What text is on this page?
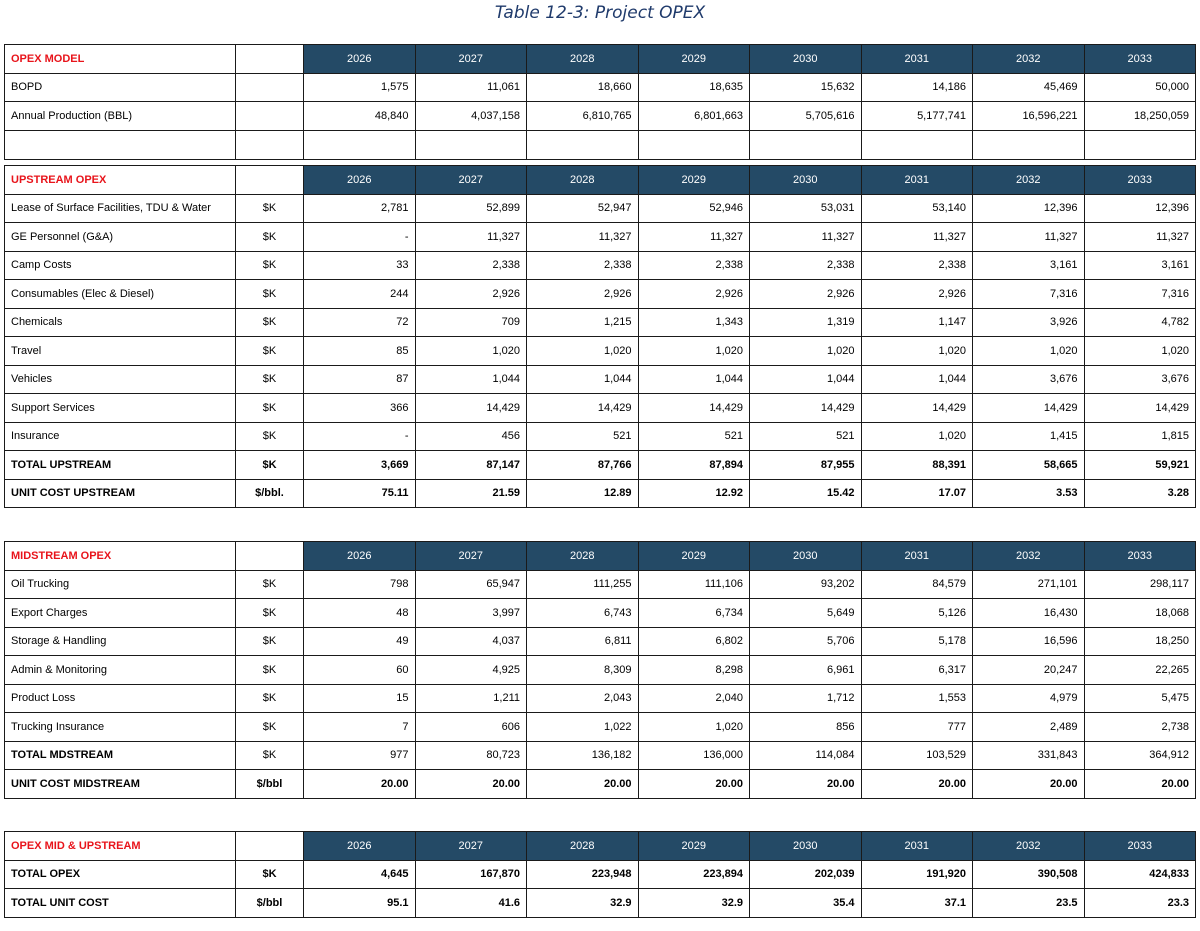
Table 12-3: Project OPEX
OPEX MODEL		2026	2027	2028	2029	2030	2031	2032	2033
BOPD		1,575	11,061	18,660	18,635	15,632	14,186	45,469	50,000
Annual Production (BBL)		48,840	4,037,158	6,810,765	6,801,663	5,705,616	5,177,741	16,596,221	18,250,059

UPSTREAM OPEX		2026	2027	2028	2029	2030	2031	2032	2033
Lease of Surface Facilities, TDU & Water	$K	2,781	52,899	52,947	52,946	53,031	53,140	12,396	12,396
GE Personnel (G&A)	$K	-	11,327	11,327	11,327	11,327	11,327	11,327	11,327
Camp Costs	$K	33	2,338	2,338	2,338	2,338	2,338	3,161	3,161
Consumables (Elec & Diesel)	$K	244	2,926	2,926	2,926	2,926	2,926	7,316	7,316
Chemicals	$K	72	709	1,215	1,343	1,319	1,147	3,926	4,782
Travel	$K	85	1,020	1,020	1,020	1,020	1,020	1,020	1,020
Vehicles	$K	87	1,044	1,044	1,044	1,044	1,044	3,676	3,676
Support Services	$K	366	14,429	14,429	14,429	14,429	14,429	14,429	14,429
Insurance	$K	-	456	521	521	521	1,020	1,415	1,815
TOTAL UPSTREAM	$K	3,669	87,147	87,766	87,894	87,955	88,391	58,665	59,921
UNIT COST UPSTREAM	$/bbl.	75.11	21.59	12.89	12.92	15.42	17.07	3.53	3.28
MIDSTREAM OPEX		2026	2027	2028	2029	2030	2031	2032	2033
Oil Trucking	$K	798	65,947	111,255	111,106	93,202	84,579	271,101	298,117
Export Charges	$K	48	3,997	6,743	6,734	5,649	5,126	16,430	18,068
Storage & Handling	$K	49	4,037	6,811	6,802	5,706	5,178	16,596	18,250
Admin & Monitoring	$K	60	4,925	8,309	8,298	6,961	6,317	20,247	22,265
Product Loss	$K	15	1,211	2,043	2,040	1,712	1,553	4,979	5,475
Trucking Insurance	$K	7	606	1,022	1,020	856	777	2,489	2,738
TOTAL MDSTREAM	$K	977	80,723	136,182	136,000	114,084	103,529	331,843	364,912
UNIT COST MIDSTREAM	$/bbl	20.00	20.00	20.00	20.00	20.00	20.00	20.00	20.00
OPEX MID & UPSTREAM		2026	2027	2028	2029	2030	2031	2032	2033
TOTAL OPEX	$K	4,645	167,870	223,948	223,894	202,039	191,920	390,508	424,833
TOTAL UNIT COST	$/bbl	95.1	41.6	32.9	32.9	35.4	37.1	23.5	23.3
